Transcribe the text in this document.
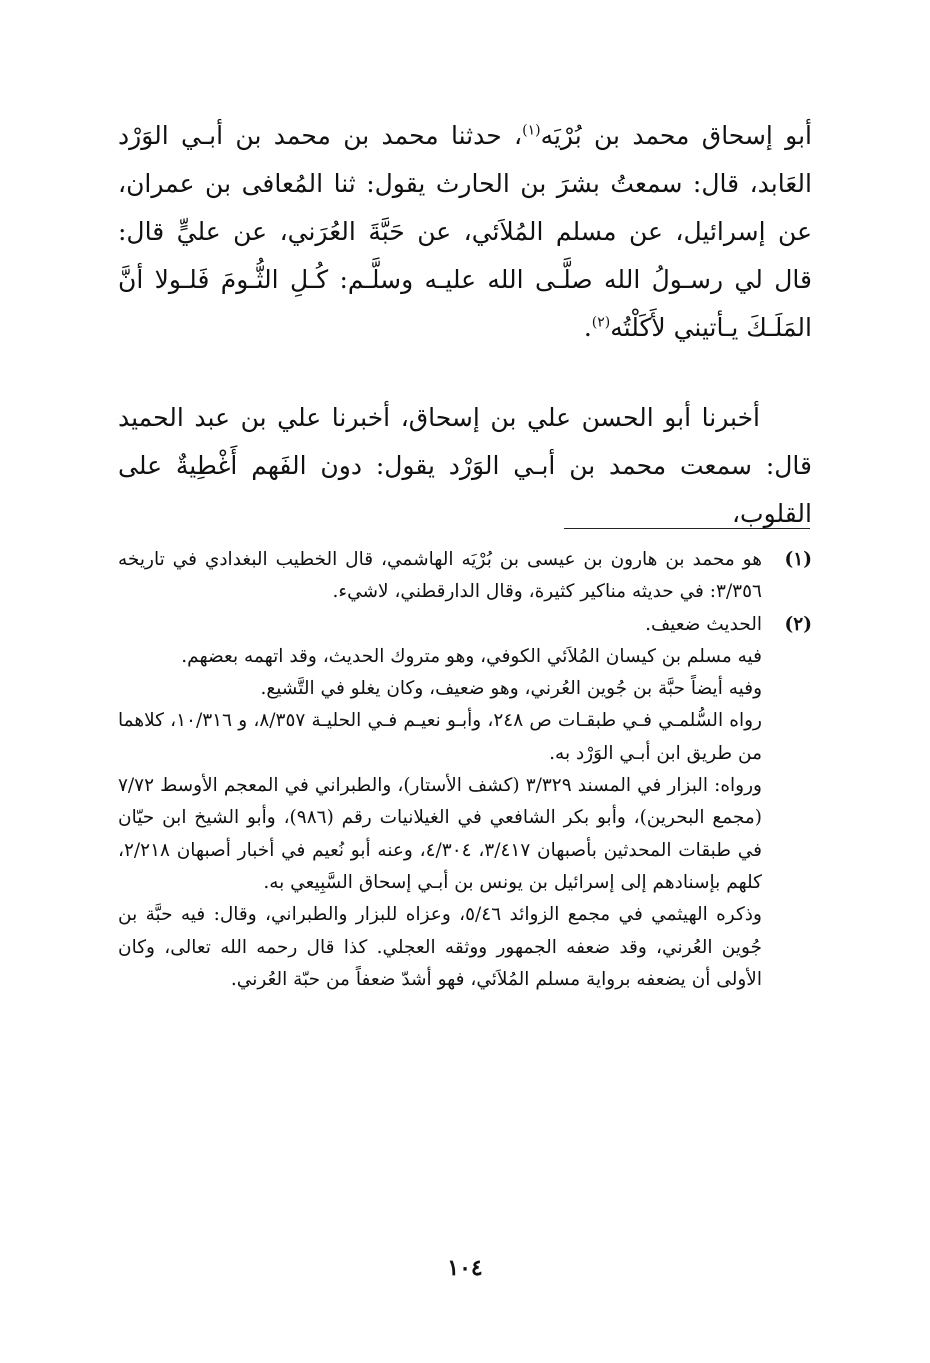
أبو إسحاق محمد بن بُرْيَه$^{(١)}$، حدثنا محمد بن محمد بن أبـي الوَرْد العَابد، قال: سمعتُ بشرَ بن الحارث يقول: ثنا المُعافى بن عمران، عن إسرائيل، عن مسلم المُلاَئي، عن حَبَّةَ العُرَني، عن عليٍّ قال: قال لي رسـولُ الله صلَّـى الله عليـه وسلَّـم: كُـلِ الثُّـومَ فَلـولا أنَّ المَلَـكَ يـأتيني لأَكَلْتُه$^{(٢)}$.

أخبرنا أبو الحسن علي بن إسحاق، أخبرنا علي بن عبد الحميد قال: سمعت محمد بن أبـي الوَرْد يقول: دون الفَهم أَغْطِيةٌ على القلوب،

(١)
هو محمد بن هارون بن عيسى بن بُرْيَه الهاشمي، قال الخطيب البغدادي في تاريخه ٣/٣٥٦: في حديثه مناكير كثيرة، وقال الدارقطني، لاشيء.
(٢)
الحديث ضعيف.
فيه مسلم بن كيسان المُلاَئي الكوفي، وهو متروك الحديث، وقد اتهمه بعضهم.
وفيه أيضاً حبَّة بن جُوين العُرني، وهو ضعيف، وكان يغلو في التَّشيع.
رواه السُّلمـي فـي طبقـات ص ٢٤٨، وأبـو نعيـم فـي الحليـة ٨/٣٥٧، و ١٠/٣١٦، كلاهما من طريق ابن أبـي الوَرْد به.
ورواه: البزار في المسند ٣/٣٢٩ (كشف الأستار)، والطبراني في المعجم الأوسط ٧/٧٢ (مجمع البحرين)، وأبو بكر الشافعي في الغيلانيات رقم (٩٨٦)، وأبو الشيخ ابن حيّان في طبقات المحدثين بأصبهان ٣/٤١٧، ٤/٣٠٤، وعنه أبو نُعيم في أخبار أصبهان ٢/٢١٨، كلهم بإسنادهم إلى إسرائيل بن يونس بن أبـي إسحاق السَّبِيعي به.
وذكره الهيثمي في مجمع الزوائد ٥/٤٦، وعزاه للبزار والطبراني، وقال: فيه حبَّة بن جُوين العُرني، وقد ضعفه الجمهور ووثقه العجلي. كذا قال رحمه الله تعالى، وكان الأولى أن يضعفه برواية مسلم المُلاَئي، فهو أشدّ ضعفاً من حبّة العُرني.
١٠٤
